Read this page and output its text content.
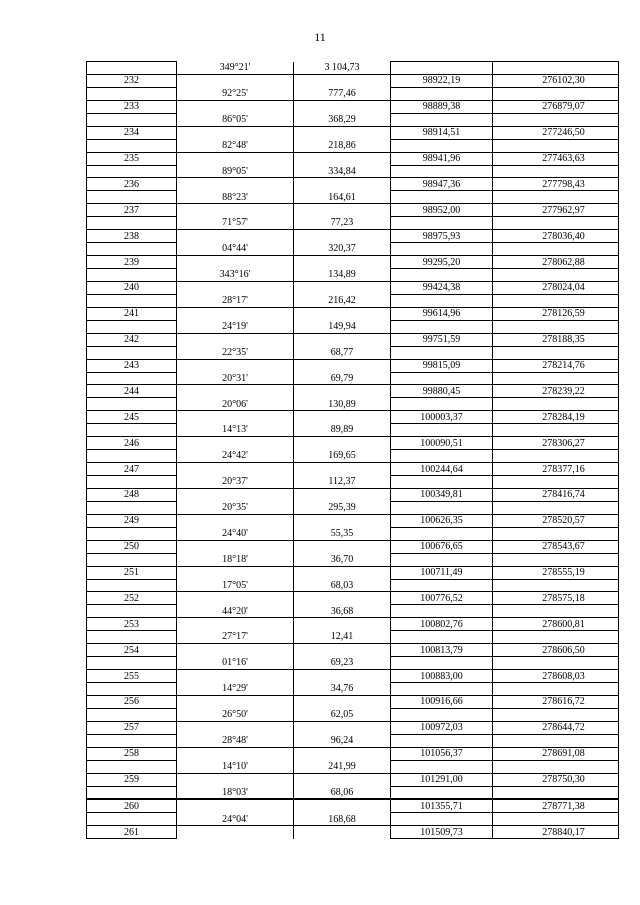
11
	349°21'	3 104,73		
232			98922,19	276102,30
	92°25'	777,46		
233			98889,38	276879,07
	86°05'	368,29		
234			98914,51	277246,50
	82°48'	218,86		
235			98941,96	277463,63
	89°05'	334,84		
236			98947,36	277798,43
	88°23'	164,61		
237			98952,00	277962,97
	71°57'	77,23		
238			98975,93	278036,40
	04°44'	320,37		
239			99295,20	278062,88
	343°16'	134,89		
240			99424,38	278024,04
	28°17'	216,42		
241			99614,96	278126,59
	24°19'	149,94		
242			99751,59	278188,35
	22°35'	68,77		
243			99815,09	278214,76
	20°31'	69,79		
244			99880,45	278239,22
	20°06'	130,89		
245			100003,37	278284,19
	14°13'	89,89		
246			100090,51	278306,27
	24°42'	169,65		
247			100244,64	278377,16
	20°37'	112,37		
248			100349,81	278416,74
	20°35'	295,39		
249			100626,35	278520,57
	24°40'	55,35		
250			100676,65	278543,67
	18°18'	36,70		
251			100711,49	278555,19
	17°05'	68,03		
252			100776,52	278575,18
	44°20'	36,68		
253			100802,76	278600,81
	27°17'	12,41		
254			100813,79	278606,50
	01°16'	69,23		
255			100883,00	278608,03
	14°29'	34,76		
256			100916,66	278616,72
	26°50'	62,05		
257			100972,03	278644,72
	28°48'	96,24		
258			101056,37	278691,08
	14°10'	241,99		
259			101291,00	278750,30
	18°03'	68,06		
260			101355,71	278771,38
	24°04'	168,68		
261			101509,73	278840,17
